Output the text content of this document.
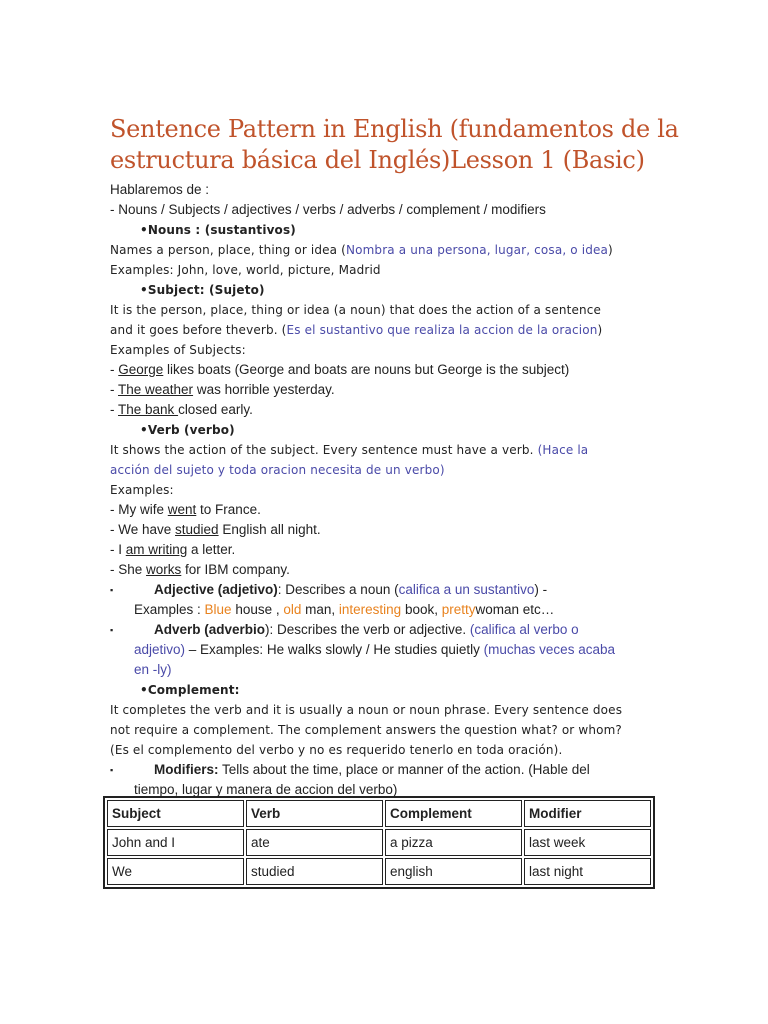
Sentence Pattern in English (fundamentos de la estructura básica del Inglés)Lesson 1 (Basic)
Hablaremos de :
- Nouns / Subjects / adjectives / verbs / adverbs / complement / modifiers
•Nouns : (sustantivos)
Names a person, place, thing or idea (Nombra a una persona, lugar, cosa, o idea)
Examples: John, love, world, picture, Madrid
•Subject: (Sujeto)
It is the person, place, thing or idea (a noun) that does the action of a sentence
and it goes before theverb. (Es el sustantivo que realiza la accion de la oracion)
Examples of Subjects:
- George likes boats (George and boats are nouns but George is the subject)
- The weather was horrible yesterday.
- The bank closed early.
•Verb (verbo)
It shows the action of the subject. Every sentence must have a verb. (Hace la
acción del sujeto y toda oracion necesita de un verbo)
Examples:
- My wife went to France.
- We have studied English all night.
- I am writing a letter.
- She works for IBM company.
▪	Adjective (adjetivo): Describes a noun (califica a un sustantivo) -
Examples : Blue house , old man, interesting book, prettywoman etc…
▪	Adverb (adverbio): Describes the verb or adjective. (califica al verbo o
adjetivo) – Examples: He walks slowly / He studies quietly (muchas veces acaba
en -ly)
•Complement:
It completes the verb and it is usually a noun or noun phrase. Every sentence does
not require a complement. The complement answers the question what? or whom?
(Es el complemento del verbo y no es requerido tenerlo en toda oración).
▪	Modifiers: Tells about the time, place or manner of the action. (Hable del
tiempo, lugar y manera de accion del verbo)
Subject	Verb	Complement	Modifier
John and I	ate	a pizza	last week
We	studied	english	last night
